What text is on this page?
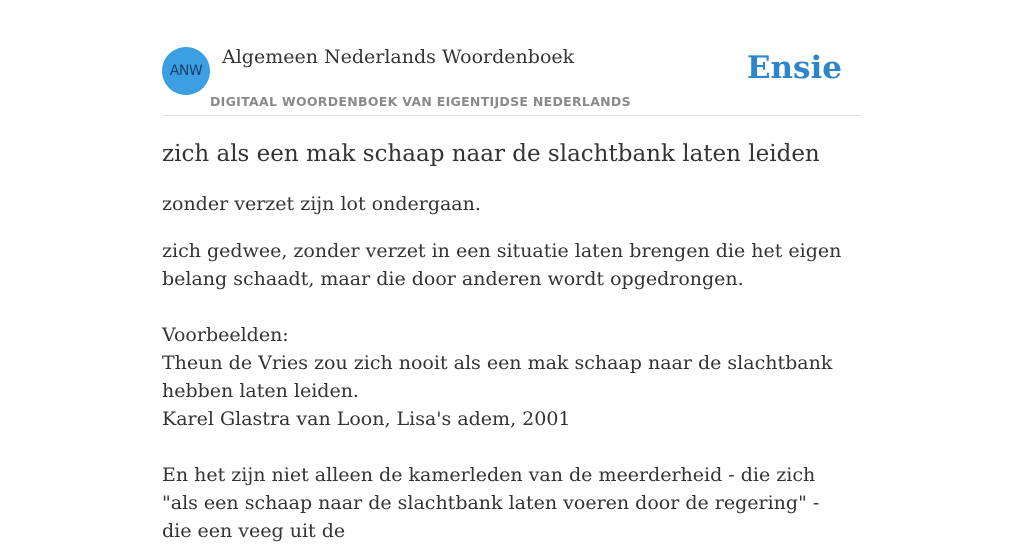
ANW
Algemeen Nederlands Woordenboek
DIGITAAL WOORDENBOEK VAN EIGENTIJDSE NEDERLANDS
Ensie
zich als een mak schaap naar de slachtbank laten leiden

zonder verzet zijn lot ondergaan.

zich gedwee, zonder verzet in een situatie laten brengen die het eigen belang schaadt, maar die door anderen wordt opgedrongen.
Voorbeelden:
Theun de Vries zou zich nooit als een mak schaap naar de slachtbank hebben laten leiden.
Karel Glastra van Loon, Lisa's adem, 2001
En het zijn niet alleen de kamerleden van de meerderheid - die zich "als een schaap naar de slachtbank laten voeren door de regering" - die een veeg uit de
